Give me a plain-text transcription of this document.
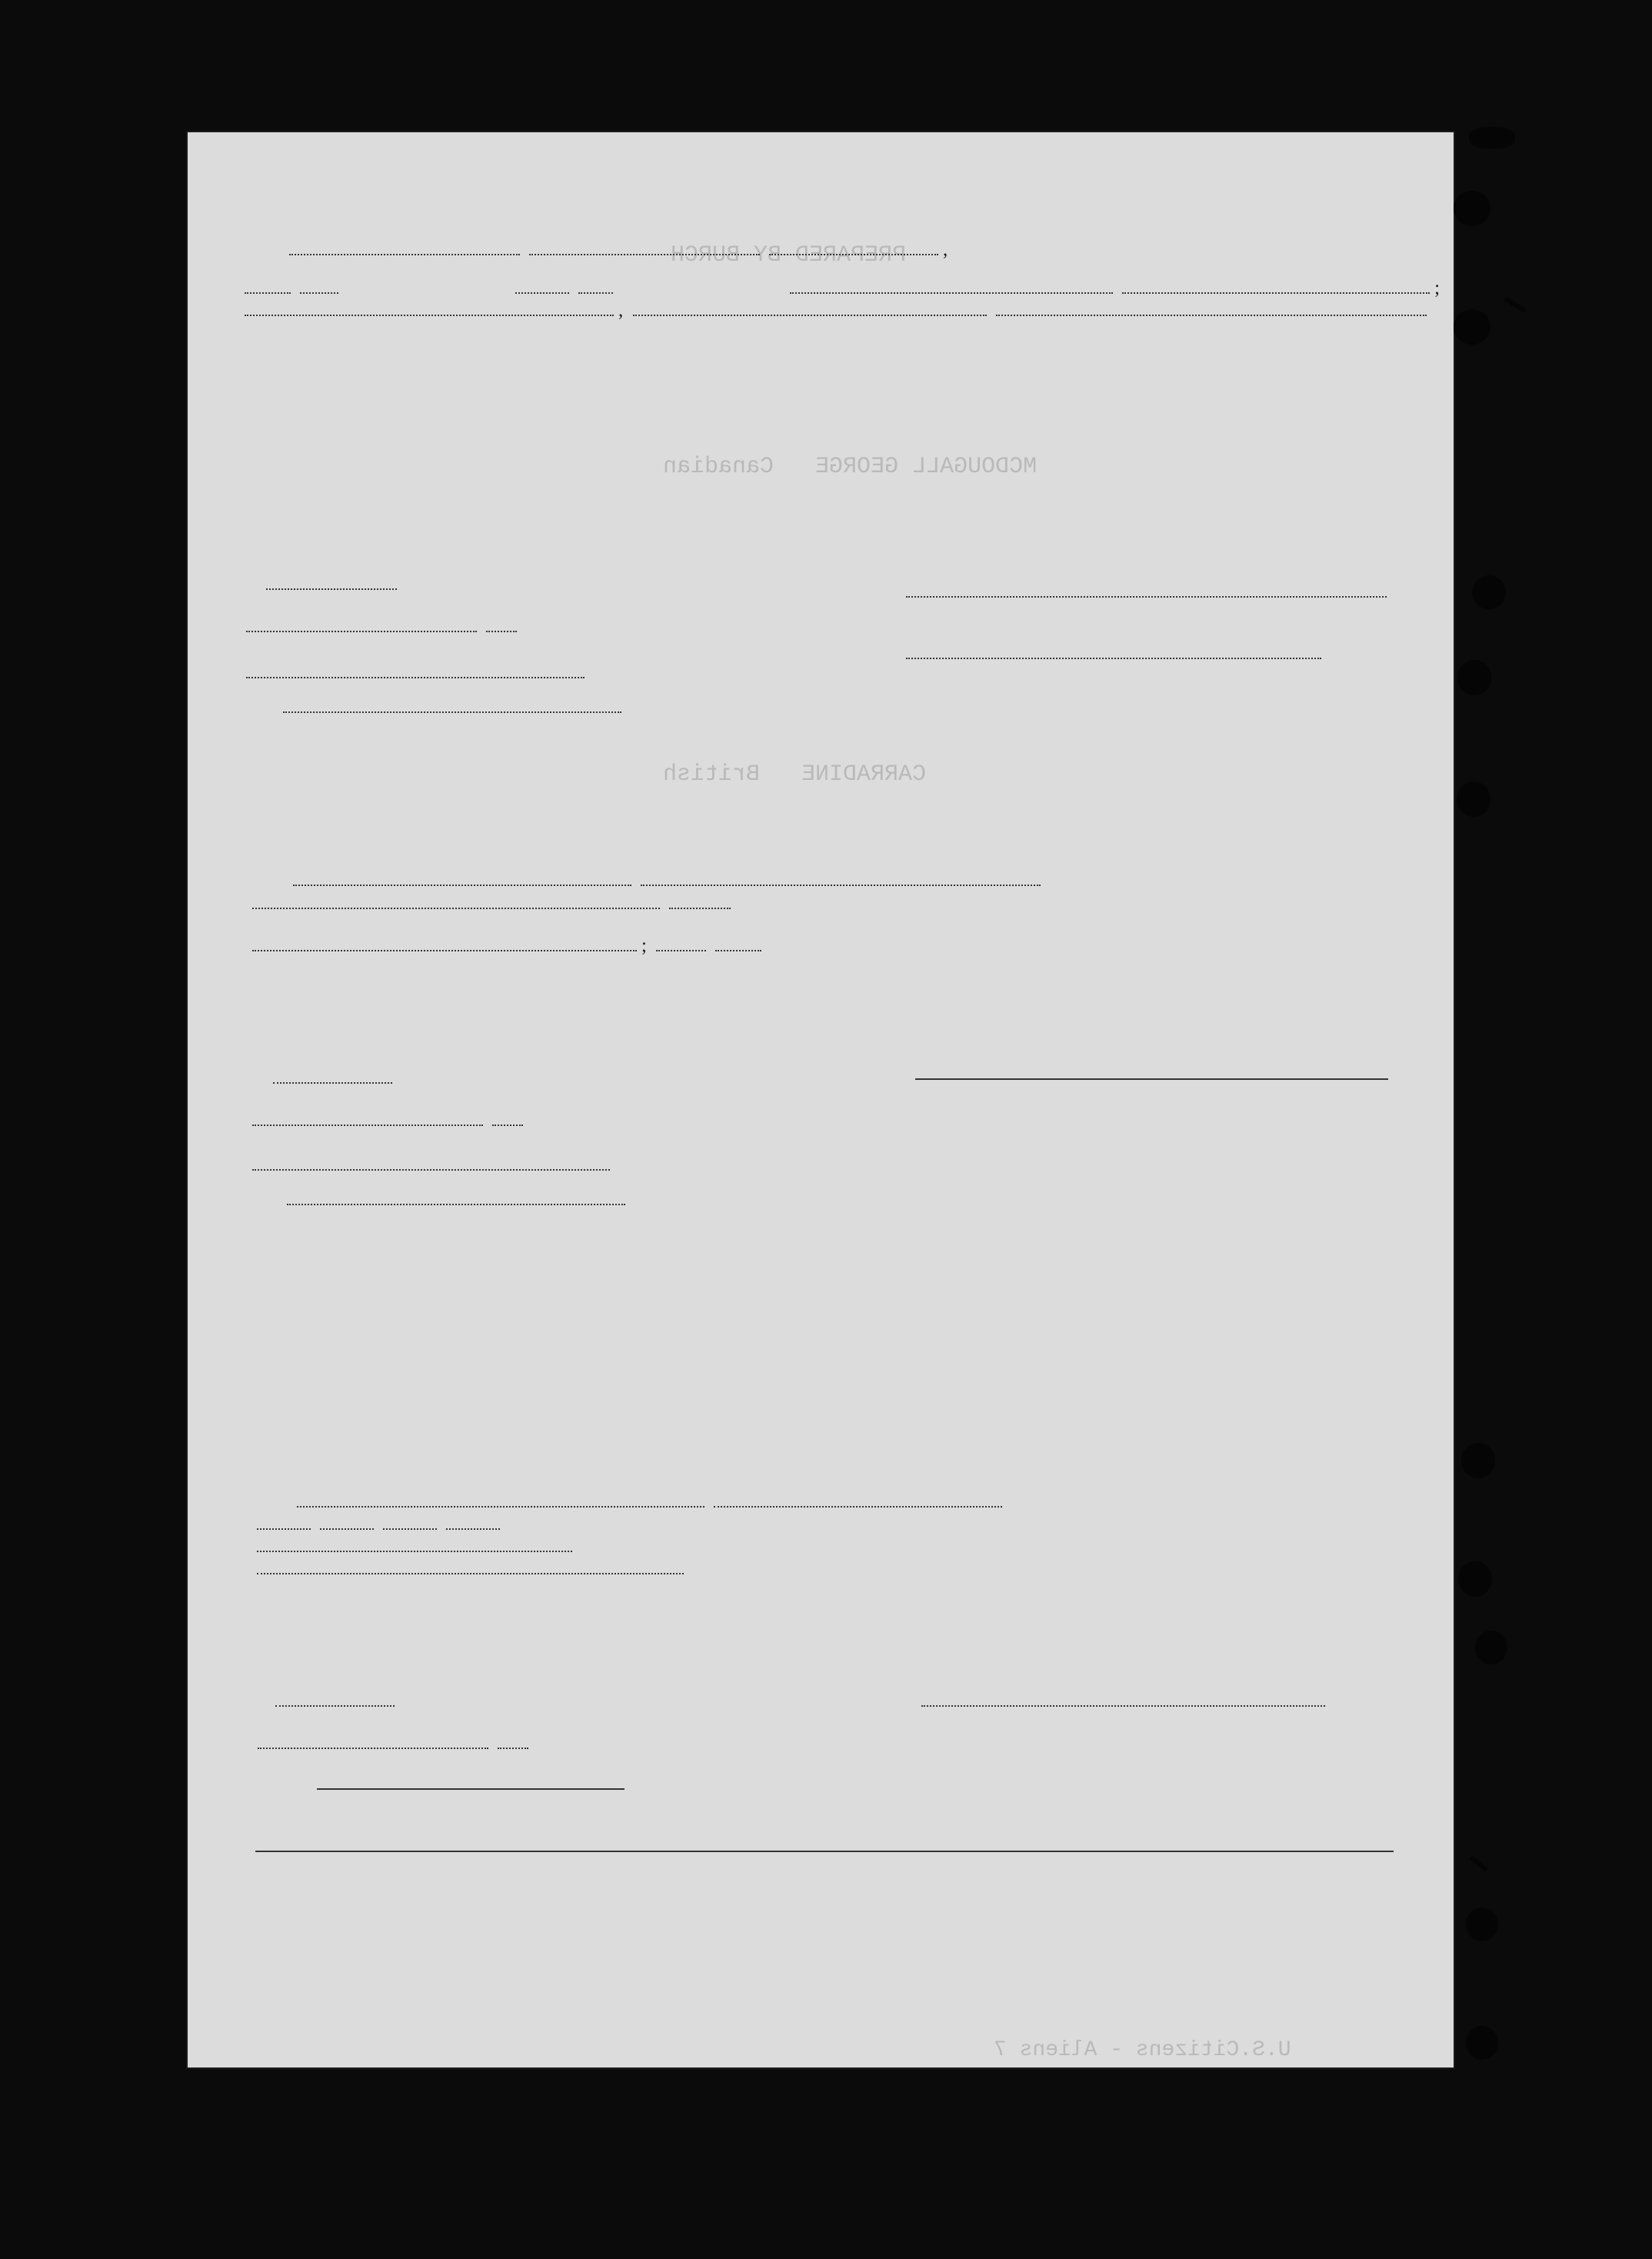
PREPARED BY BURCH
MCDOUGALL GEORGE   Canadian
CARRADINE   British
U.S.Citizens - Aliens 7
,
; ,
;
